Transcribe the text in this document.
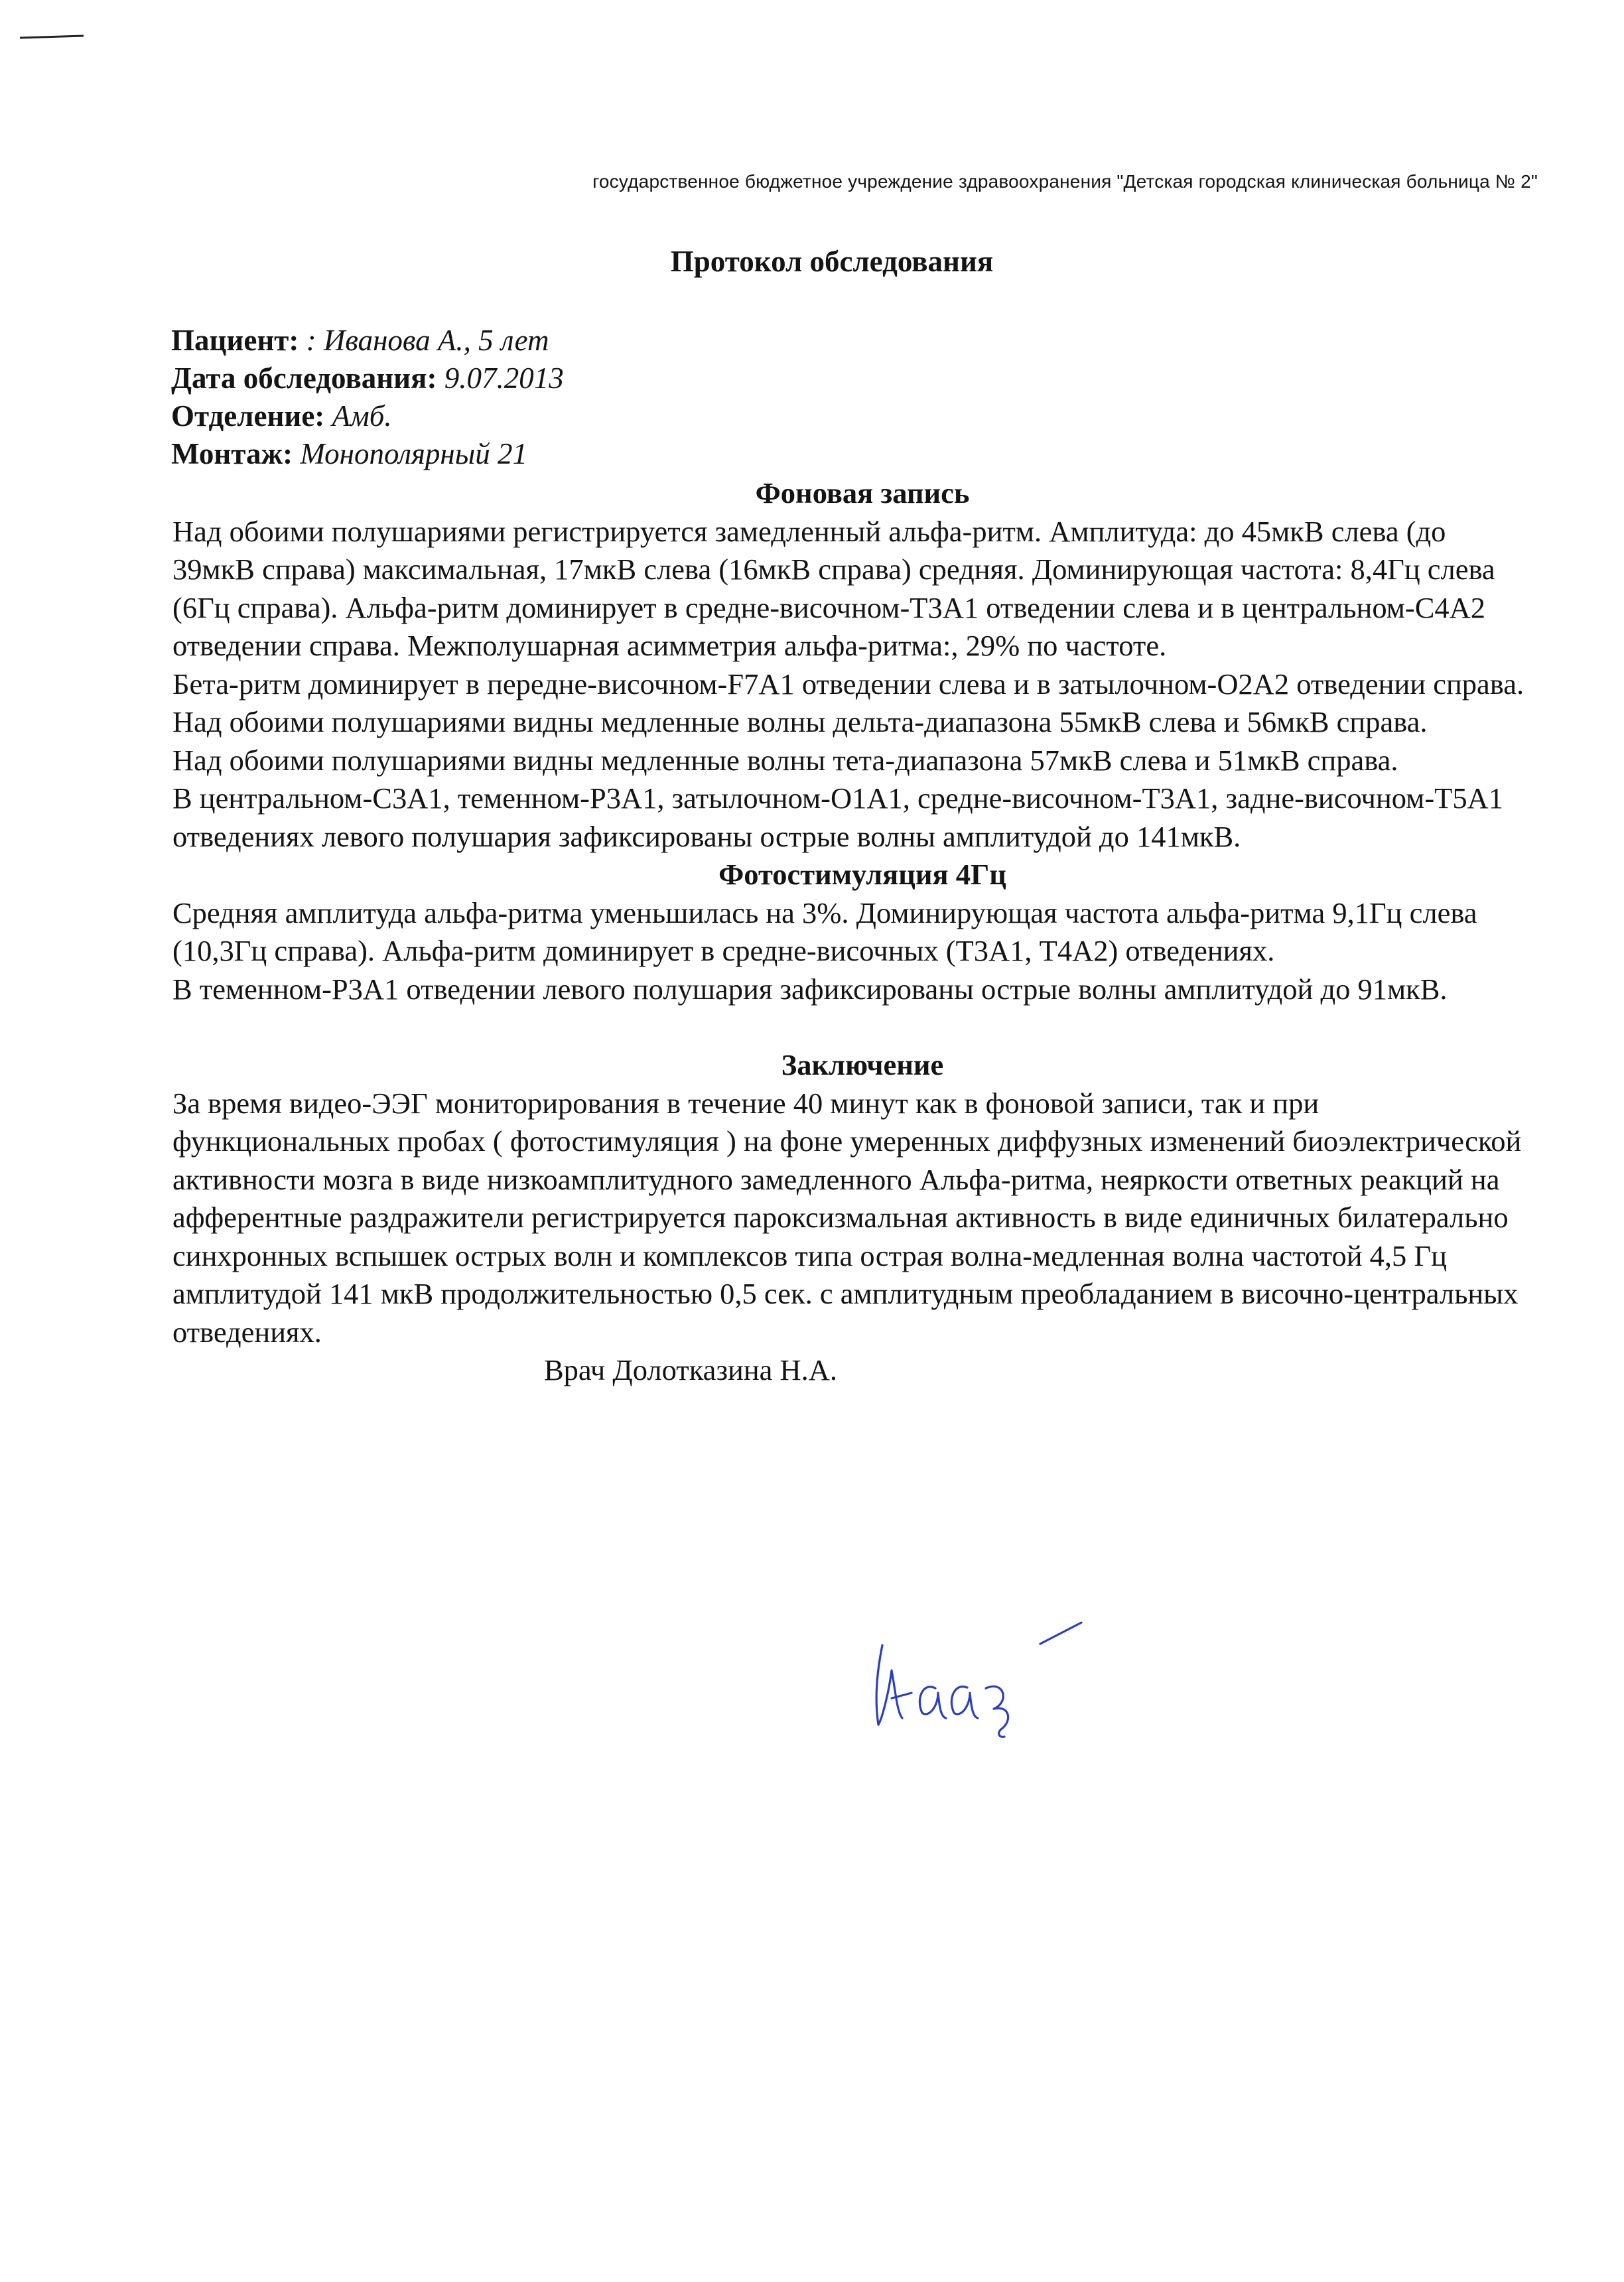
государственное бюджетное учреждение здравоохранения "Детская городская клиническая больница № 2"
Протокол обследования
Пациент: : Иванова А., 5 лет
Дата обследования: 9.07.2013
Отделение: Амб.
Монтаж: Монополярный 21
Фоновая запись

Над обоими полушариями регистрируется замедленный альфа-ритм. Амплитуда: до 45мкВ слева (до 39мкВ справа) максимальная, 17мкВ слева (16мкВ справа) средняя. Доминирующая частота: 8,4Гц слева (6Гц справа). Альфа-ритм доминирует в средне-височном-Т3А1 отведении слева и в центральном-С4А2 отведении справа. Межполушарная асимметрия альфа-ритма:, 29% по частоте.

Бета-ритм доминирует в передне-височном-F7A1 отведении слева и в затылочном-О2А2 отведении справа.

Над обоими полушариями видны медленные волны дельта-диапазона 55мкВ слева и 56мкВ справа.

Над обоими полушариями видны медленные волны тета-диапазона 57мкВ слева и 51мкВ справа.

В центральном-С3А1, теменном-Р3А1, затылочном-О1А1, средне-височном-Т3А1, задне-височном-Т5А1 отведениях левого полушария зафиксированы острые волны амплитудой до 141мкВ.

Фотостимуляция 4Гц

Средняя амплитуда альфа-ритма уменьшилась на 3%. Доминирующая частота альфа-ритма 9,1Гц слева (10,3Гц справа). Альфа-ритм доминирует в средне-височных (Т3А1, Т4А2) отведениях.

В теменном-Р3А1 отведении левого полушария зафиксированы острые волны амплитудой до 91мкВ.

Заключение

За время видео-ЭЭГ мониторирования в течение 40 минут как в фоновой записи, так и при функциональных пробах ( фотостимуляция ) на фоне умеренных диффузных изменений биоэлектрической активности мозга в виде низкоамплитудного замедленного Альфа-ритма, неяркости ответных реакций на афферентные раздражители регистрируется пароксизмальная активность в виде единичных билатерально синхронных вспышек острых волн и комплексов типа острая волна-медленная волна частотой 4,5 Гц амплитудой 141 мкВ продолжительностью 0,5 сек. с амплитудным преобладанием в височно-центральных отведениях.

Врач Долотказина Н.А.
